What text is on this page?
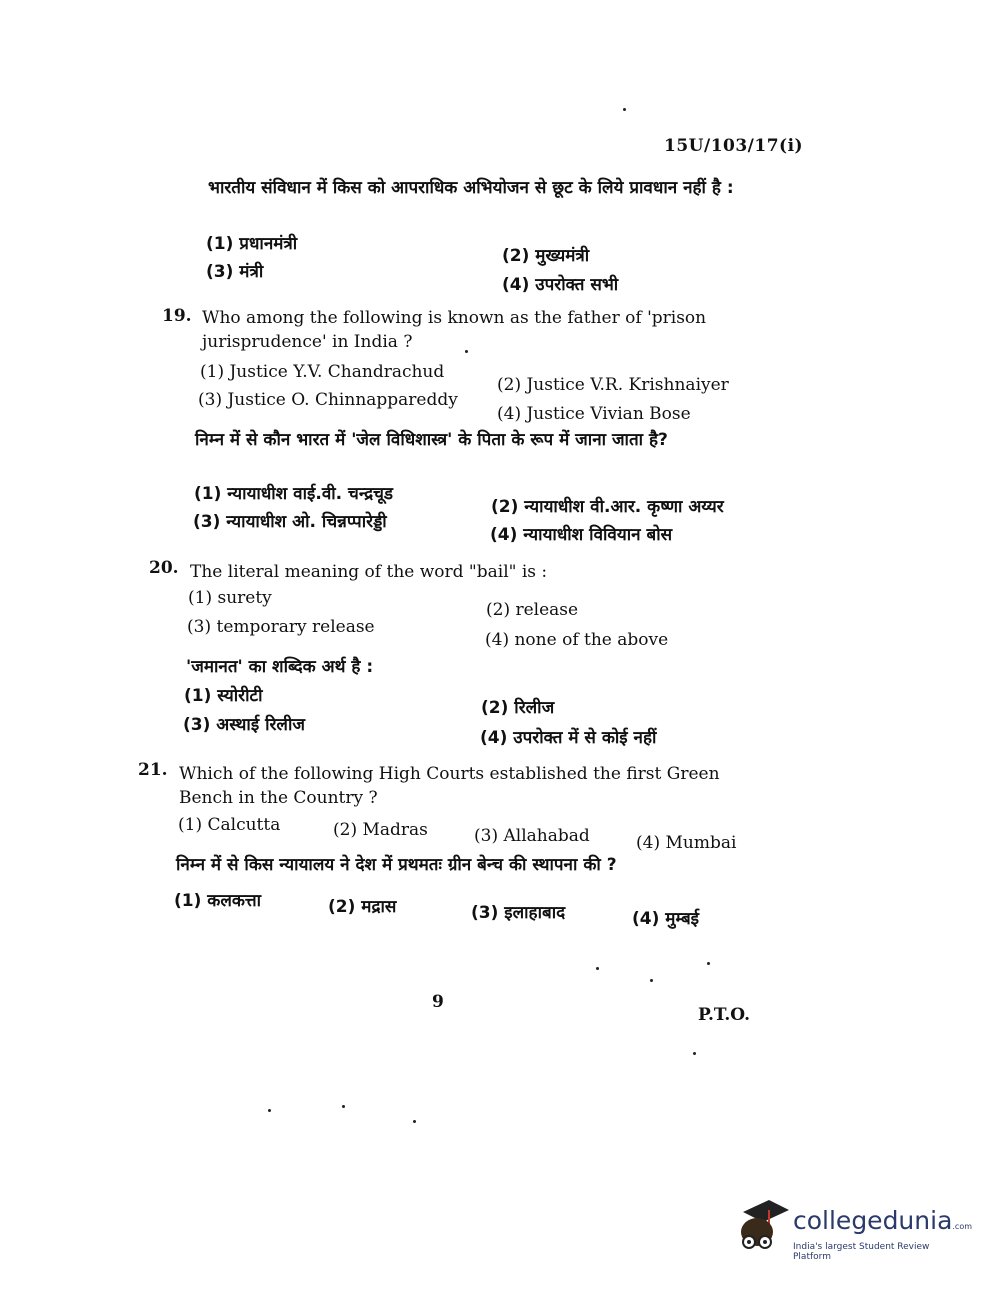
15U/103/17(i)
भारतीय संविधान में किस को आपराधिक अभियोजन से छूट के लिये प्रावधान नहीं है :
(1) प्रधानमंत्री
(2) मुख्यमंत्री
(3) मंत्री
(4) उपरोक्त सभी
19. Who among the following is known as the father of 'prison jurisprudence' in India ?
(1) Justice Y.V. Chandrachud
(2) Justice V.R. Krishnaiyer
(3) Justice O. Chinnappareddy
(4) Justice Vivian Bose
निम्न में से कौन भारत में 'जेल विधिशास्त्र' के पिता के रूप में जाना जाता है?
(1) न्यायाधीश वाई.वी. चन्द्रचूड
(2) न्यायाधीश वी.आर. कृष्णा अय्यर
(3) न्यायाधीश ओ. चिन्नप्पारेड्डी
(4) न्यायाधीश विवियान बोस
20. The literal meaning of the word "bail" is :
(1) surety
(2) release
(3) temporary release
(4) none of the above
'जमानत' का शब्दिक अर्थ है :
(1) स्योरीटी
(2) रिलीज
(3) अस्थाई रिलीज
(4) उपरोक्त में से कोई नहीं
21. Which of the following High Courts established the first Green Bench in the Country ?
(1) Calcutta	(2) Madras	(3) Allahabad	(4) Mumbai
निम्न में से किस न्यायालय ने देश में प्रथमतः ग्रीन बेन्च की स्थापना की ?
(1) कलकत्ता	(2) मद्रास	(3) इलाहाबाद	(4) मुम्बई
9
P.T.O.
collegedunia.com
India's largest Student Review Platform
